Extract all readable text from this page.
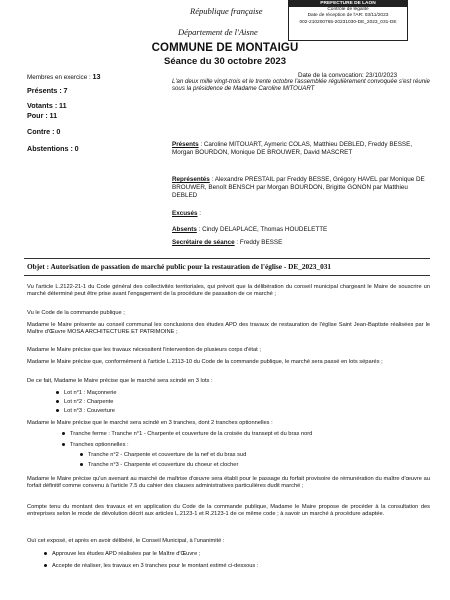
République française
Département de l'Aisne
PREFECTURE DE LAON
Contrôle de légalité
Date de réception de l'AR: 03/11/2023
002-210200765-20231030-DE_2023_031-DE
COMMUNE DE MONTAIGU
Séance du 30 octobre 2023
Membres en exercice : 13
Présents : 7
Votants : 11
Pour : 11
Contre : 0
Abstentions : 0
Date de la convocation: 23/10/2023
L'an deux mille vingt-trois et le trente octobre l'assemblée régulièrement convoquée s'est réunie sous la présidence de Madame Caroline MITOUART
Présents : Caroline MITOUART, Aymeric COLAS, Matthieu DEBLED, Freddy BESSE, Morgan BOURDON, Monique DE BROUWER, David MASCRET
Représentés : Alexandre PRESTAIL par Freddy BESSE, Grégory HAVEL par Monique DE BROUWER, Benoît BENSCH par Morgan BOURDON, Brigitte GONON par Matthieu DEBLED
Excusés :
Absents : Cindy DELAPLACE, Thomas HOUDELETTE
Secrétaire de séance : Freddy BESSE
Objet : Autorisation de passation de marché public pour la restauration de l'église - DE_2023_031
Vu l'article L.2122-21-1 du Code général des collectivités territoriales, qui prévoit que la délibération du conseil municipal chargeant le Maire de souscrire un marché déterminé peut être prise avant l'engagement de la procédure de passation de ce marché ;
Vu le Code de la commande publique ;
Madame le Maire présente au conseil communal les conclusions des études APD des travaux de restauration de l'église Saint Jean-Baptiste réalisées par le Maître d'Œuvre MOSA ARCHITECTURE ET PATRIMOINE ;
Madame le Maire précise que les travaux nécessitent l'intervention de plusieurs corps d'état ;
Madame le Maire précise que, conformément à l'article L.2113-10 du Code de la commande publique, le marché sera passé en lots séparés ;
De ce fait, Madame le Maire précise que le marché sera scindé en 3 lots :
Lot n°1 : Maçonnerie
Lot n°2 : Charpente
Lot n°3 : Couverture
Madame le Maire précise que le marché sera scindé en 3 tranches, dont 2 tranches optionnelles :
Tranche ferme : Tranche n°1 - Charpente et couverture de la croisée du transept et du bras nord
Tranches optionnelles :
Tranche n°2 - Charpente et couverture de la nef et du bras sud
Tranche n°3 - Charpente et couverture du choeur et clocher
Madame le Maire précise qu'un avenant au marché de maîtrise d'œuvre sera établi pour le passage du forfait provisoire de rémunération du maître d'œuvre au forfait définitif comme convenu à l'article 7.5 du cahier des clauses administratives particulières dudit marché ;
Compte tenu du montant des travaux et en application du Code de la commande publique, Madame le Maire propose de procéder à la consultation des entreprises selon le mode de dévolution décrit aux articles L.2123-1 et R.2123-1 de ce même code ; à savoir un marché à procédure adaptée.
Ouï cet exposé, et après en avoir délibéré, le Conseil Municipal, à l'unanimité :
Approuve les études APD réalisées par le Maître d'Œuvre ;
Accepte de réaliser, les travaux en 3 tranches pour le montant estimé ci-dessous :
